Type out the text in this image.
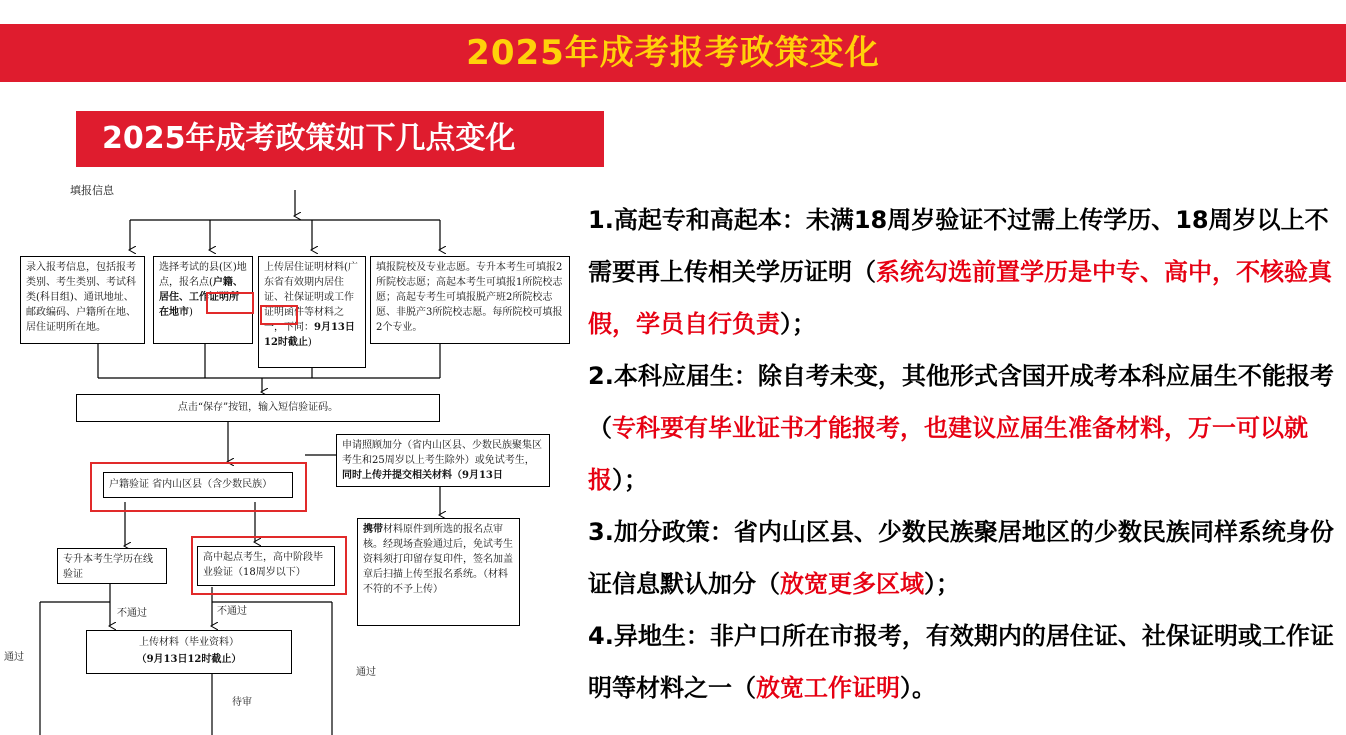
2025年成考报考政策变化
2025年成考政策如下几点变化
填报信息
录入报考信息，包括报考类别、考生类别、考试科类(科目组)、通讯地址、邮政编码、户籍所在地、居住证明所在地。
选择考试的县(区)地点，报名点(户籍、居住、工作证明所在地市)
上传居住证明材料(广东省有效期内居住证、社保证明或工作证明函件等材料之一，下同：9月13日12时截止)
填报院校及专业志愿。专升本考生可填报2所院校志愿；高起本考生可填报1所院校志愿；高起专考生可填报脱产班2所院校志愿、非脱产3所院校志愿。每所院校可填报2个专业。
点击“保存”按钮，输入短信验证码。
申请照顾加分（省内山区县、少数民族聚集区考生和25周岁以上考生除外）或免试考生，同时上传并提交相关材料（9月13日
户籍验证 省内山区县（含少数民族）
携带材料原件到所选的报名点审核。经现场查验通过后，免试考生资料须打印留存复印件，签名加盖章后扫描上传至报名系统。（材料不符的不予上传）
专升本考生学历在线验证
高中起点考生，高中阶段毕业验证（18周岁以下）
不通过	不通过
上传材料（毕业资料）
（9月13日12时截止）
通过
通过
待审

1.高起专和高起本：未满18周岁验证不过需上传学历、18周岁以上不需要再上传相关学历证明（系统勾选前置学历是中专、高中，不核验真假，学员自行负责）；

2.本科应届生：除自考未变，其他形式含国开成考本科应届生不能报考（专科要有毕业证书才能报考，也建议应届生准备材料，万一可以就报）；

3.加分政策：省内山区县、少数民族聚居地区的少数民族同样系统身份证信息默认加分（放宽更多区域）；

4.异地生：非户口所在市报考，有效期内的居住证、社保证明或工作证明等材料之一（放宽工作证明）。
